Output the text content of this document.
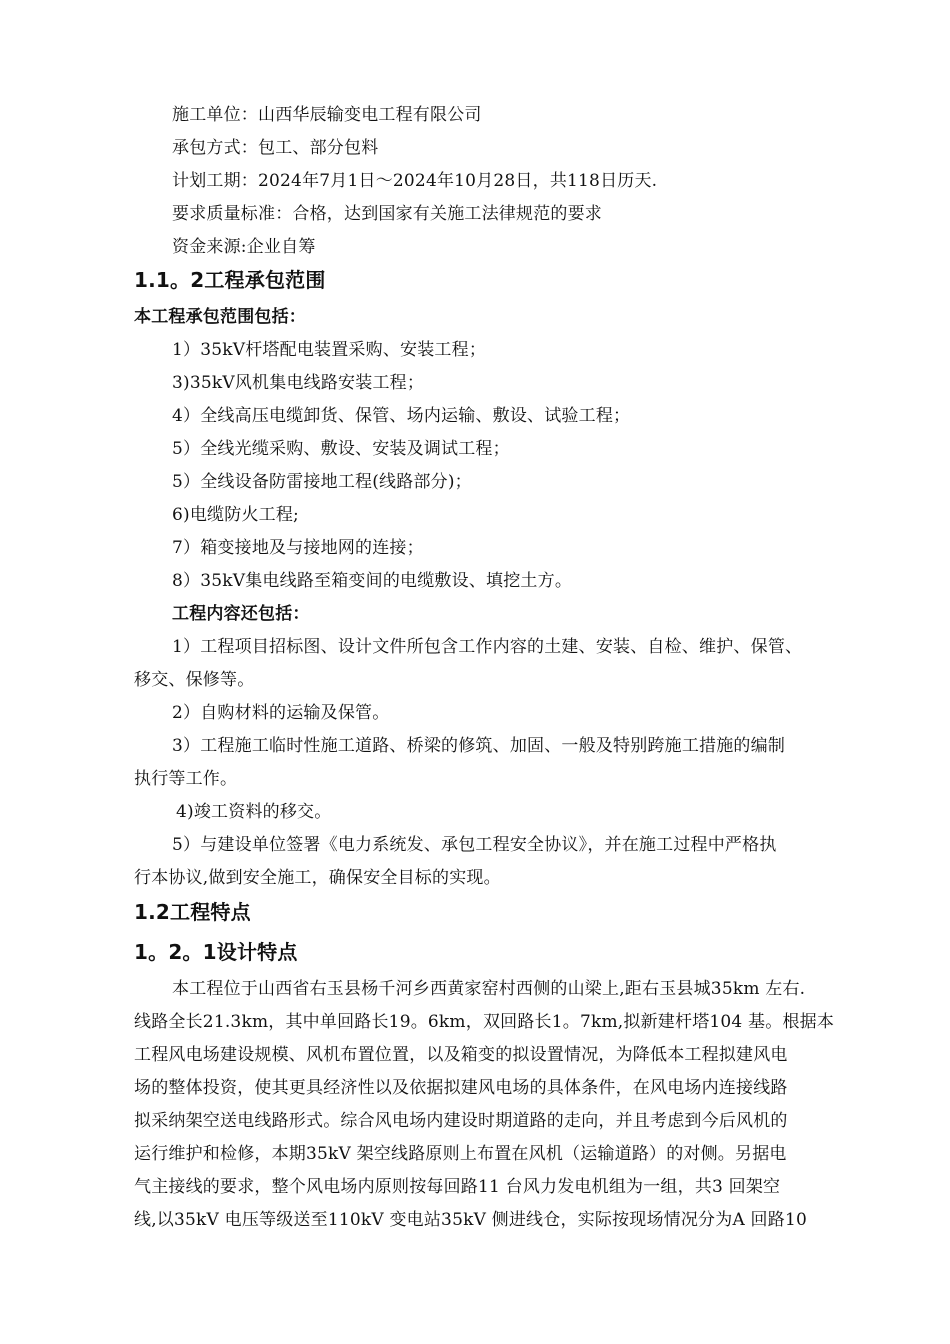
施工单位：山西华辰输变电工程有限公司
承包方式：包工、部分包料
计划工期：2024年7月1日～2024年10月28日，共118日历天.
要求质量标准：合格，达到国家有关施工法律规范的要求
资金来源:企业自筹
1.1。2工程承包范围
本工程承包范围包括：
1）35kV杆塔配电装置采购、安装工程；
3)35kV风机集电线路安装工程；
4）全线高压电缆卸货、保管、场内运输、敷设、试验工程；
5）全线光缆采购、敷设、安装及调试工程；
5）全线设备防雷接地工程(线路部分)；
6)电缆防火工程;
7）箱变接地及与接地网的连接；
8）35kV集电线路至箱变间的电缆敷设、填挖土方。
工程内容还包括：
1）工程项目招标图、设计文件所包含工作内容的土建、安装、自检、维护、保管、
移交、保修等。
2）自购材料的运输及保管。
3）工程施工临时性施工道路、桥梁的修筑、加固、一般及特别跨施工措施的编制
执行等工作。
4)竣工资料的移交。
5）与建设单位签署《电力系统发、承包工程安全协议》，并在施工过程中严格执
行本协议,做到安全施工，确保安全目标的实现。
1.2工程特点
1。2。1设计特点
本工程位于山西省右玉县杨千河乡西黄家窑村西侧的山梁上,距右玉县城35km 左右.
线路全长21.3km，其中单回路长19。6km，双回路长1。7km,拟新建杆塔104 基。根据本
工程风电场建设规模、风机布置位置，以及箱变的拟设置情况，为降低本工程拟建风电
场的整体投资，使其更具经济性以及依据拟建风电场的具体条件，在风电场内连接线路
拟采纳架空送电线路形式。综合风电场内建设时期道路的走向，并且考虑到今后风机的
运行维护和检修，本期35kV 架空线路原则上布置在风机（运输道路）的对侧。另据电
气主接线的要求，整个风电场内原则按每回路11 台风力发电机组为一组，共3 回架空
线,以35kV 电压等级送至110kV 变电站35kV 侧进线仓，实际按现场情况分为A 回路10
